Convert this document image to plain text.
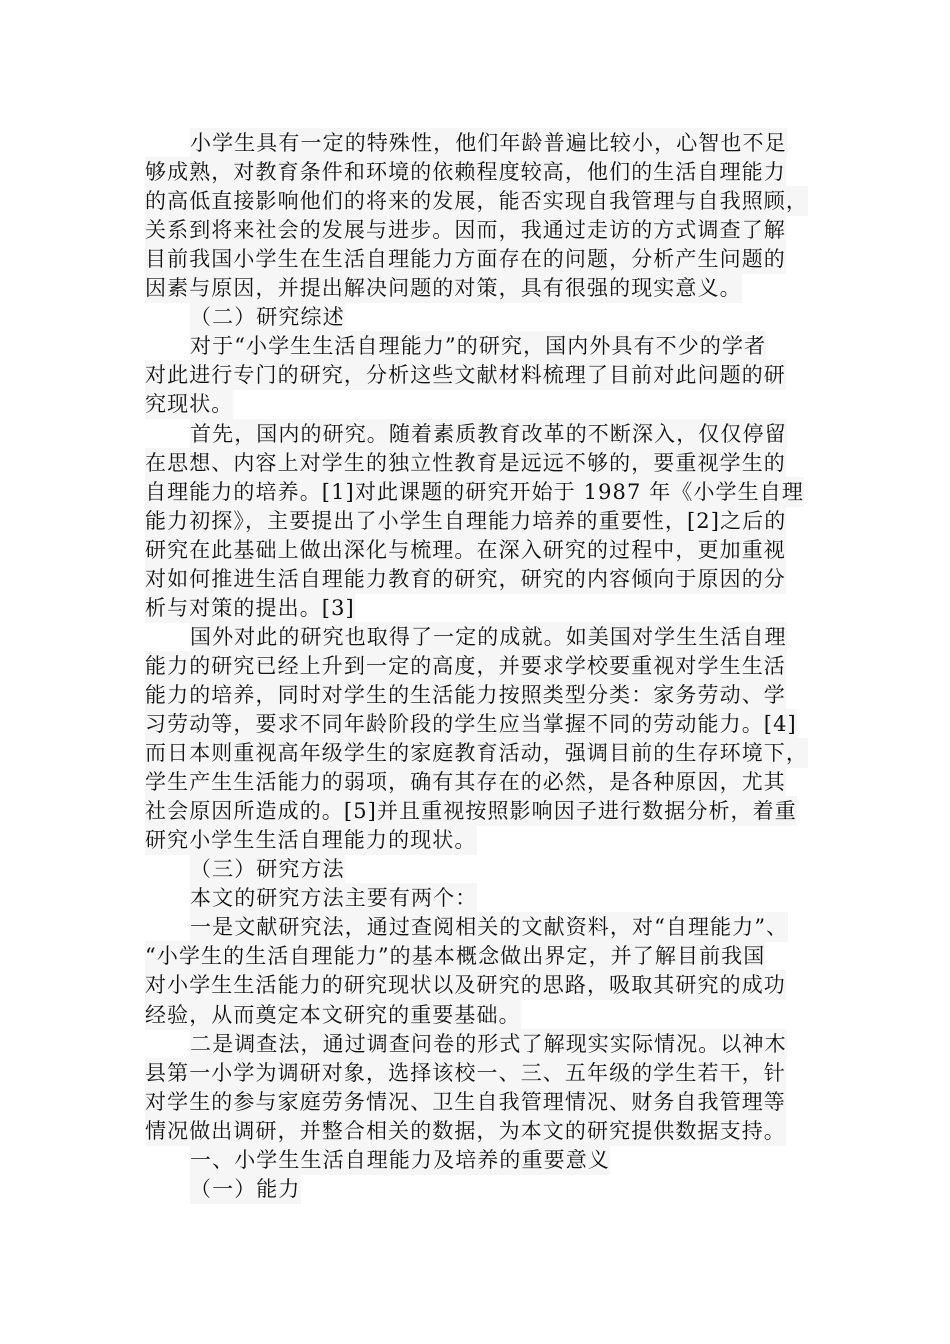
小学生具有一定的特殊性，他们年龄普遍比较小，心智也不足
够成熟，对教育条件和环境的依赖程度较高，他们的生活自理能力
的高低直接影响他们的将来的发展，能否实现自我管理与自我照顾，
关系到将来社会的发展与进步。因而，我通过走访的方式调查了解
目前我国小学生在生活自理能力方面存在的问题，分析产生问题的
因素与原因，并提出解决问题的对策，具有很强的现实意义。
（二）研究综述
对于“小学生生活自理能力”的研究，国内外具有不少的学者
对此进行专门的研究，分析这些文献材料梳理了目前对此问题的研
究现状。
首先，国内的研究。随着素质教育改革的不断深入，仅仅停留
在思想、内容上对学生的独立性教育是远远不够的，要重视学生的
自理能力的培养。[1]对此课题的研究开始于 1987 年《小学生自理
能力初探》，主要提出了小学生自理能力培养的重要性，[2]之后的
研究在此基础上做出深化与梳理。在深入研究的过程中，更加重视
对如何推进生活自理能力教育的研究，研究的内容倾向于原因的分
析与对策的提出。[3]
国外对此的研究也取得了一定的成就。如美国对学生生活自理
能力的研究已经上升到一定的高度，并要求学校要重视对学生生活
能力的培养，同时对学生的生活能力按照类型分类：家务劳动、学
习劳动等，要求不同年龄阶段的学生应当掌握不同的劳动能力。[4]
而日本则重视高年级学生的家庭教育活动，强调目前的生存环境下，
学生产生生活能力的弱项，确有其存在的必然，是各种原因，尤其
社会原因所造成的。[5]并且重视按照影响因子进行数据分析，着重
研究小学生生活自理能力的现状。
（三）研究方法
本文的研究方法主要有两个：
一是文献研究法，通过查阅相关的文献资料，对“自理能力”、
“小学生的生活自理能力”的基本概念做出界定，并了解目前我国
对小学生生活能力的研究现状以及研究的思路，吸取其研究的成功
经验，从而奠定本文研究的重要基础。
二是调查法，通过调查问卷的形式了解现实实际情况。以神木
县第一小学为调研对象，选择该校一、三、五年级的学生若干，针
对学生的参与家庭劳务情况、卫生自我管理情况、财务自我管理等
情况做出调研，并整合相关的数据，为本文的研究提供数据支持。
一、小学生生活自理能力及培养的重要意义
（一）能力
